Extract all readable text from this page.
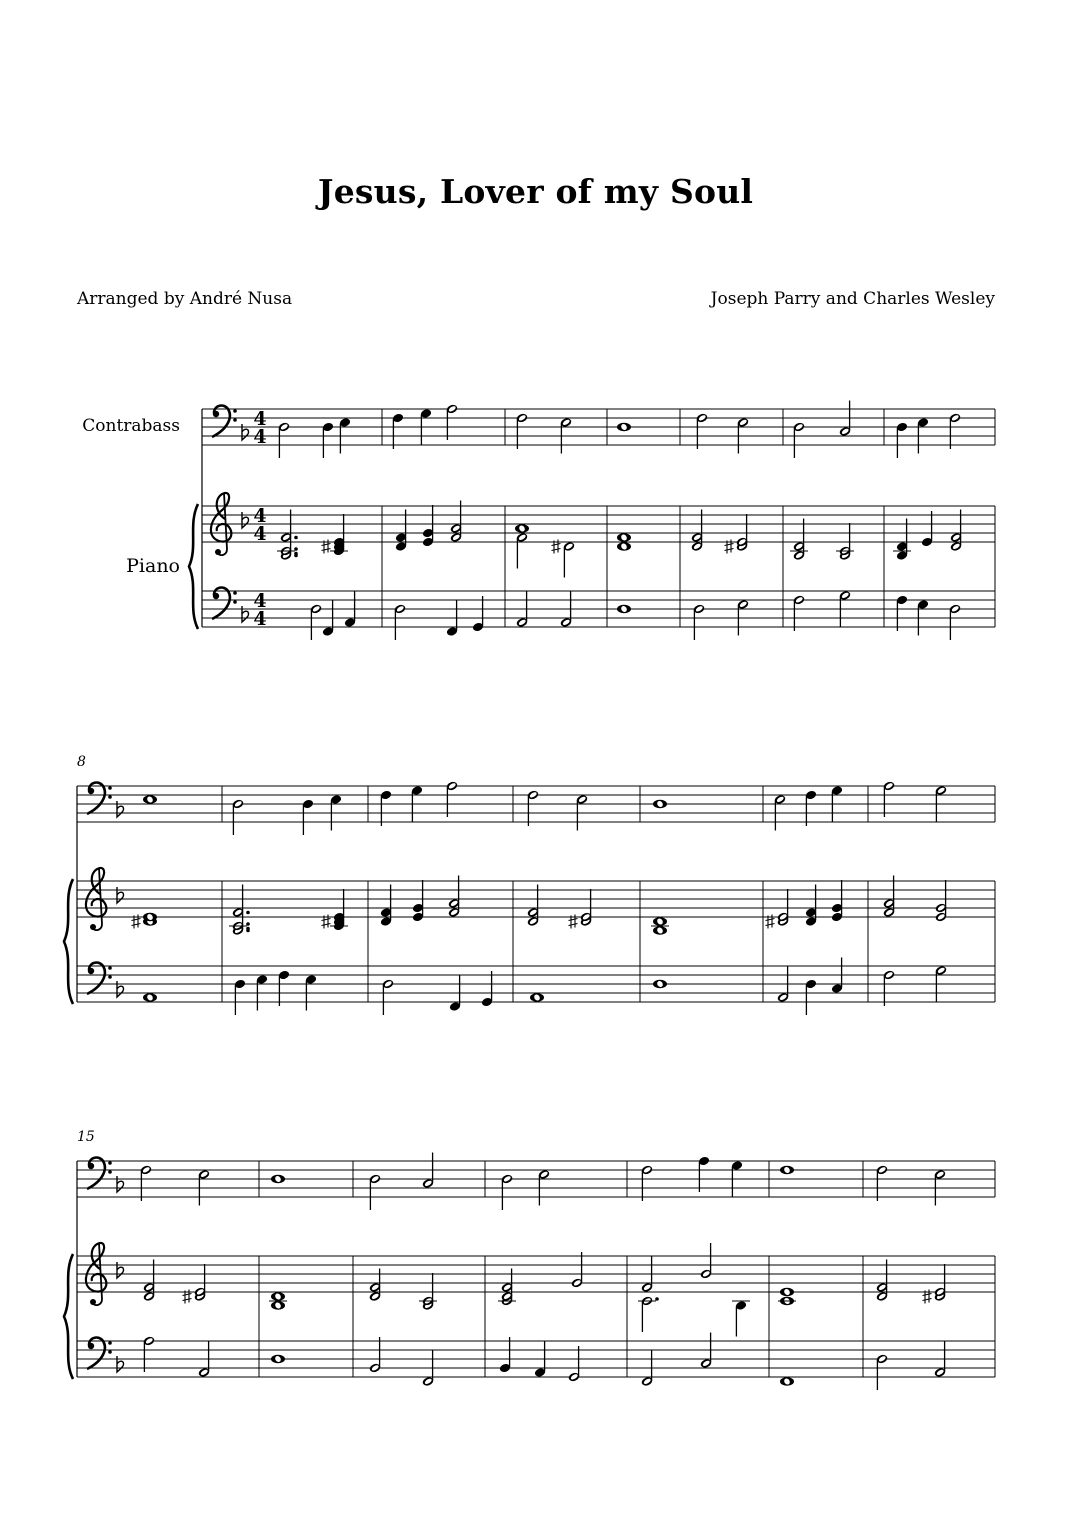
Jesus, Lover of my Soul
Arranged by André Nusa	Joseph Parry and Charles Wesley
4
4
4
4
4
4
Contrabass
Piano
8
15
